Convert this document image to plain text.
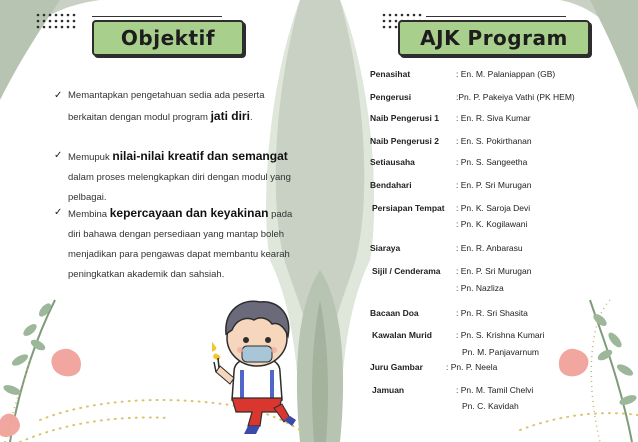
Objektif	AJK Program
✓ Memantapkan pengetahuan sedia ada peserta berkaitan dengan modul program jati diri.
✓ Memupuk nilai-nilai kreatif dan semangat dalam proses melengkapkan diri dengan modul yang pelbagai.
✓ Membina kepercayaan dan keyakinan pada diri bahawa dengan persediaan yang mantap boleh menjadikan para pengawas dapat membantu kearah peningkatkan akademik dan sahsiah.
Penasihat	: En. M. Palaniappan (GB)
Pengerusi	:Pn. P. Pakeiya Vathi (PK HEM)
Naib Pengerusi 1 : En. R. Siva Kumar
Naib Pengerusi 2 : En. S. Pokirthanan
Setiausaha	: Pn. S. Sangeetha
Bendahari	: En. P. Sri Murugan
Persiapan Tempat : Pn. K. Saroja Devi
: Pn. K. Kogilawani
Siaraya	: En. R. Anbarasu
Sijil / Cenderama : En. P. Sri Murugan
: Pn. Nazliza
Bacaan Doa	: Pn. R. Sri Shasita
Kawalan Murid	: Pn. S. Krishna Kumari
Pn. M. Panjavarnum
Juru Gambar	: Pn. P. Neela
Jamuan	: Pn. M. Tamil Chelvi
Pn. C. Kavidah
